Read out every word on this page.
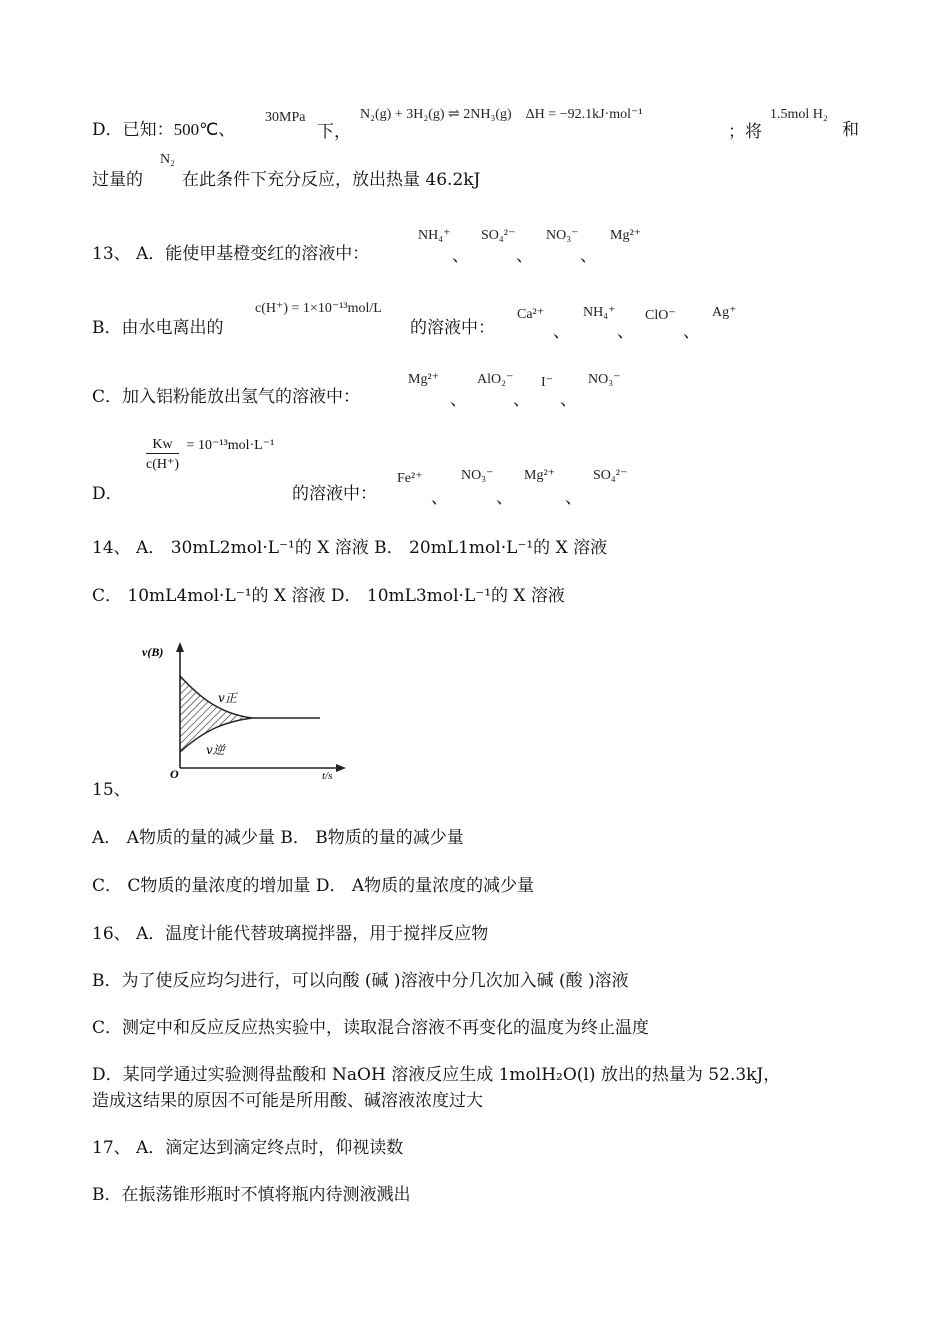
D．已知：500℃、
30MPa
下，
N₂(g) + 3H₂(g) ⇌ 2NH₃(g)　ΔH = −92.1kJ·mol⁻¹
；将
1.5mol H₂
和
过量的
N₂
在此条件下充分反应，放出热量 46.2kJ
13、 A．能使甲基橙变红的溶液中：
NH₄⁺
、
SO₄²⁻
、
NO₃⁻
、
Mg²⁺
B．由水电离出的
c(H⁺) = 1×10⁻¹³mol/L
的溶液中：
Ca²⁺
、
NH₄⁺
、
ClO⁻
、
Ag⁺
C．加入铝粉能放出氢气的溶液中：
Mg²⁺
、
AlO₂⁻
、
I⁻
、
NO₃⁻
D．
$\frac{Kw}{c(H^+)} = 10^{-13}mol\cdot L^{-1}$
的溶液中：
Fe²⁺
、
NO₃⁻
、
Mg²⁺
、
SO₄²⁻
14、 A． 30mL2mol·L⁻¹的 X 溶液 B． 20mL1mol·L⁻¹的 X 溶液
C． 10mL4mol·L⁻¹的 X 溶液 D． 10mL3mol·L⁻¹的 X 溶液
v(B)
v正
v逆
O	t/s
15、
A． A物质的量的减少量 B． B物质的量的减少量
C． C物质的量浓度的增加量 D． A物质的量浓度的减少量
16、 A．温度计能代替玻璃搅拌器，用于搅拌反应物
B．为了使反应均匀进行，可以向酸 (碱 )溶液中分几次加入碱 (酸 )溶液
C．测定中和反应反应热实验中，读取混合溶液不再变化的温度为终止温度
D．某同学通过实验测得盐酸和 NaOH 溶液反应生成 1molH₂O(l) 放出的热量为 52.3kJ，
造成这结果的原因不可能是所用酸、碱溶液浓度过大
17、 A．滴定达到滴定终点时，仰视读数
B．在振荡锥形瓶时不慎将瓶内待测液溅出
